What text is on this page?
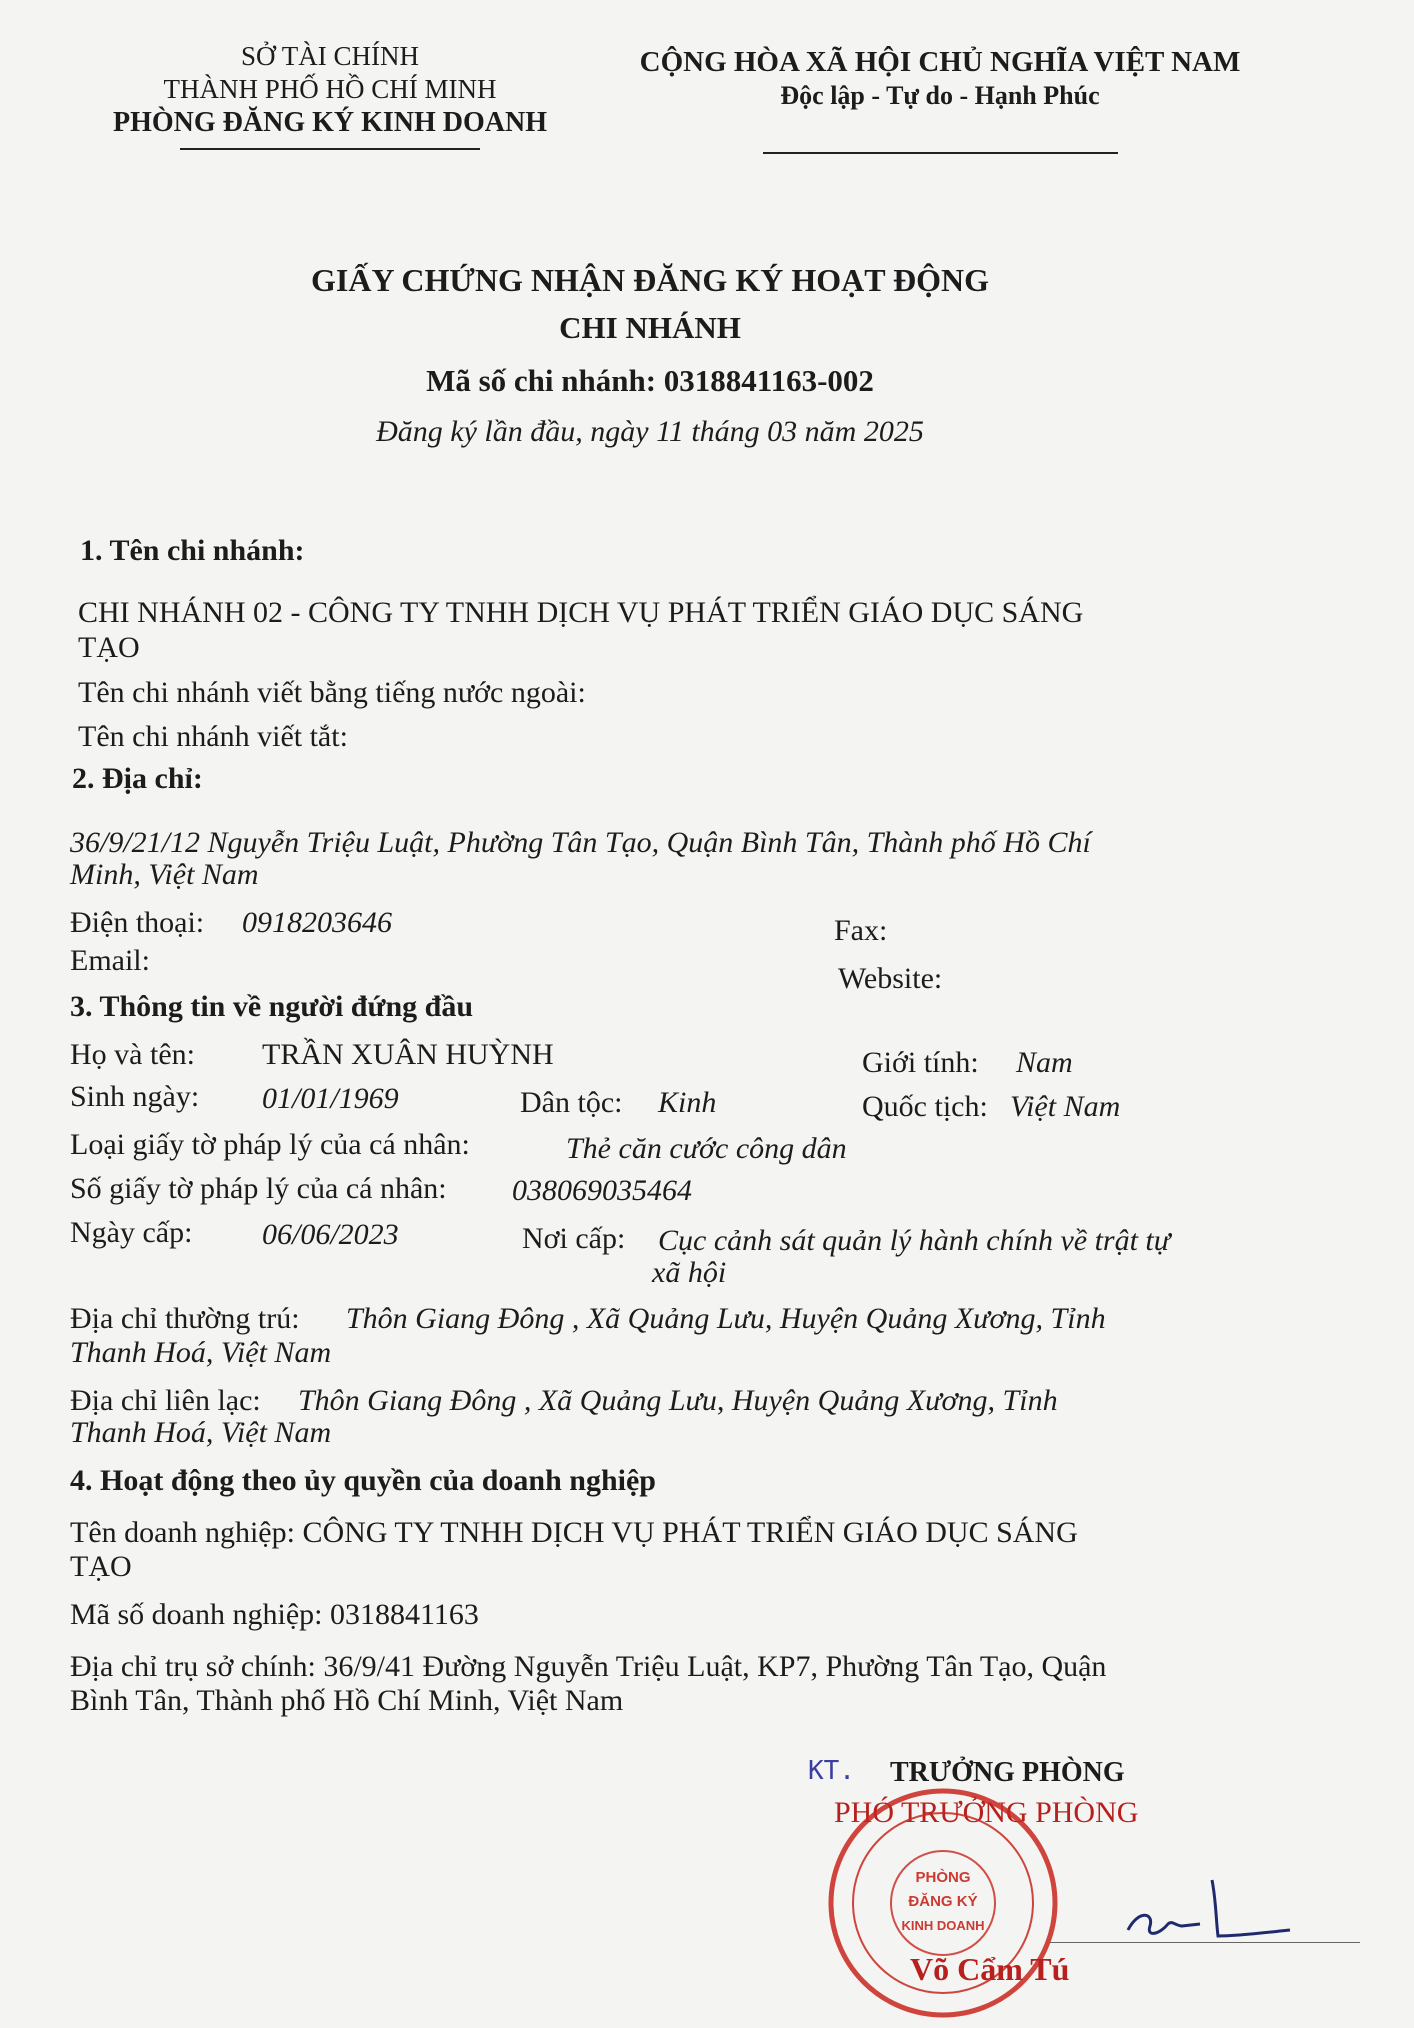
SỞ TÀI CHÍNH
THÀNH PHỐ HỒ CHÍ MINH
PHÒNG ĐĂNG KÝ KINH DOANH
CỘNG HÒA XÃ HỘI CHỦ NGHĨA VIỆT NAM
Độc lập - Tự do - Hạnh Phúc
GIẤY CHỨNG NHẬN ĐĂNG KÝ HOẠT ĐỘNG
CHI NHÁNH
Mã số chi nhánh: 0318841163-002
Đăng ký lần đầu, ngày 11 tháng 03 năm 2025
1. Tên chi nhánh:
CHI NHÁNH 02 - CÔNG TY TNHH DỊCH VỤ PHÁT TRIỂN GIÁO DỤC SÁNG
TẠO
Tên chi nhánh viết bằng tiếng nước ngoài:
Tên chi nhánh viết tắt:
2. Địa chỉ:
36/9/21/12 Nguyễn Triệu Luật, Phường Tân Tạo, Quận Bình Tân, Thành phố Hồ Chí
Minh, Việt Nam
Điện thoại: 0918203646	Fax:
Email:
Website:
3. Thông tin về người đứng đầu
Họ và tên: TRẦN XUÂN HUỲNH	Giới tính: Nam
Sinh ngày: 01/01/1969	Dân tộc: Kinh	Quốc tịch: Việt Nam
Loại giấy tờ pháp lý của cá nhân:	Thẻ căn cước công dân
Số giấy tờ pháp lý của cá nhân: 038069035464
Ngày cấp: 06/06/2023	Nơi cấp: Cục cảnh sát quản lý hành chính về trật tự
xã hội
Địa chỉ thường trú: Thôn Giang Đông , Xã Quảng Lưu, Huyện Quảng Xương, Tỉnh
Thanh Hoá, Việt Nam
Địa chỉ liên lạc: Thôn Giang Đông , Xã Quảng Lưu, Huyện Quảng Xương, Tỉnh
Thanh Hoá, Việt Nam
4. Hoạt động theo ủy quyền của doanh nghiệp
Tên doanh nghiệp: CÔNG TY TNHH DỊCH VỤ PHÁT TRIỂN GIÁO DỤC SÁNG
TẠO
Mã số doanh nghiệp: 0318841163
Địa chỉ trụ sở chính: 36/9/41 Đường Nguyễn Triệu Luật, KP7, Phường Tân Tạo, Quận
Bình Tân, Thành phố Hồ Chí Minh, Việt Nam
KT. TRƯỞNG PHÒNG
PHÓ TRƯỞNG PHÒNG
PHÒNG
ĐĂNG KÝ
KINH DOANH
Võ Cẩm Tú
